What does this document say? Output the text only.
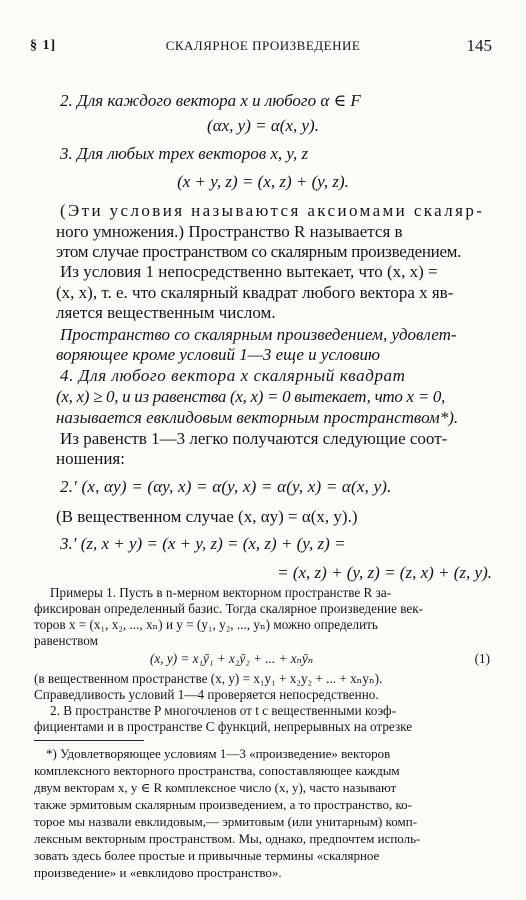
§ 1]	СКАЛЯРНОЕ ПРОИЗВЕДЕНИЕ	145
2. Для каждого вектора x и любого α ∈ F
(αx, y) = α(x, y).
3. Для любых трех векторов x, y, z
(x + y, z) = (x, z) + (y, z).
(Эти условия называются аксиомами скаляр-
ного умножения.) Пространство R называется в
этом случае пространством со скалярным произведением.
Из условия 1 непосредственно вытекает, что (x, x) =
(x, x), т. е. что скалярный квадрат любого вектора x яв-
ляется вещественным числом.
Пространство со скалярным произведением, удовлет-
воряющее кроме условий 1—3 еще и условию
4. Для любого вектора x скалярный квадрат
(x, x) ≥ 0, и из равенства (x, x) = 0 вытекает, что x = 0,
называется евклидовым векторным пространством*).
Из равенств 1—3 легко получаются следующие соот-
ношения:
2.′ (x, αy) = (αy, x) = α(y, x) = α(y, x) = α(x, y).
(В вещественном случае (x, αy) = α(x, y).)
3.′ (z, x + y) = (x + y, z) = (x, z) + (y, z) =
= (x, z) + (y, z) = (z, x) + (z, y).
Примеры 1. Пусть в n-мерном векторном пространстве R за-
фиксирован определенный базис. Тогда скалярное произведение век-
торов x = (x₁, x₂, ..., xₙ) и y = (y₁, y₂, ..., yₙ) можно определить
равенством
(x, y) = x₁ȳ₁ + x₂ȳ₂ + ... + xₙȳₙ	(1)
(в вещественном пространстве (x, y) = x₁y₁ + x₂y₂ + ... + xₙyₙ).
Справедливость условий 1—4 проверяется непосредственно.
2. В пространстве P многочленов от t с вещественными коэф-
фициентами и в пространстве C функций, непрерывных на отрезке
*) Удовлетворяющее условиям 1—3 «произведение» векторов
комплексного векторного пространства, сопоставляющее каждым
двум векторам x, y ∈ R комплексное число (x, y), часто называют
также эрмитовым скалярным произведением, а то пространство, ко-
торое мы назвали евклидовым,— эрмитовым (или унитарным) комп-
лексным векторным пространством. Мы, однако, предпочтем исполь-
зовать здесь более простые и привычные термины «скалярное
произведение» и «евклидово пространство».
